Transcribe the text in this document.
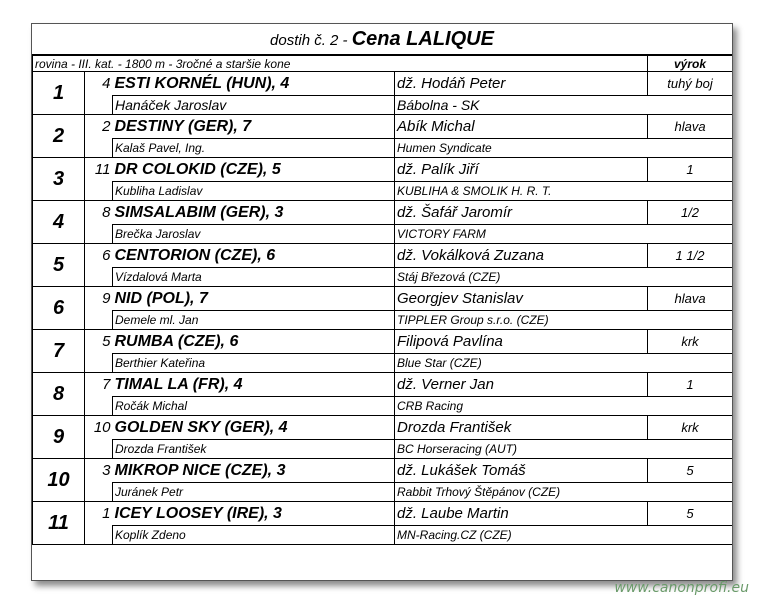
dostih č. 2 - Cena LALIQUE
rovina - III. kat. - 1800 m - 3ročné a staršie kone				výrok
1	4	ESTI KORNÉL (HUN), 4	dž. Hodáň Peter	tuhý boj
		Hanáček Jaroslav	Bábolna - SK	
2	2	DESTINY (GER), 7	Abík Michal	hlava
		Kalaš Pavel, Ing.	Humen Syndicate	
3	11	DR COLOKID (CZE), 5	dž. Palík Jiří	1
		Kubliha Ladislav	KUBLIHA & SMOLIK H. R. T.	
4	8	SIMSALABIM (GER), 3	dž. Šafář Jaromír	1/2
		Brečka Jaroslav	VICTORY FARM	
5	6	CENTORION (CZE), 6	dž. Vokálková Zuzana	1 1/2
		Vízdalová Marta	Stáj Březová (CZE)	
6	9	NID (POL), 7	Georgjev Stanislav	hlava
		Demele ml. Jan	TIPPLER Group s.r.o. (CZE)	
7	5	RUMBA (CZE), 6	Filipová Pavlína	krk
		Berthier Kateřina	Blue Star (CZE)	
8	7	TIMAL LA (FR), 4	dž. Verner Jan	1
		Ročák Michal	CRB Racing	
9	10	GOLDEN SKY (GER), 4	Drozda František	krk
		Drozda František	BC Horseracing (AUT)	
10	3	MIKROP NICE (CZE), 3	dž. Lukášek Tomáš	5
		Juránek Petr	Rabbit Trhový Štěpánov (CZE)	
11	1	ICEY LOOSEY (IRE), 3	dž. Laube Martin	5
		Koplík Zdeno	MN-Racing.CZ (CZE)	
www.canonprofi.eu
